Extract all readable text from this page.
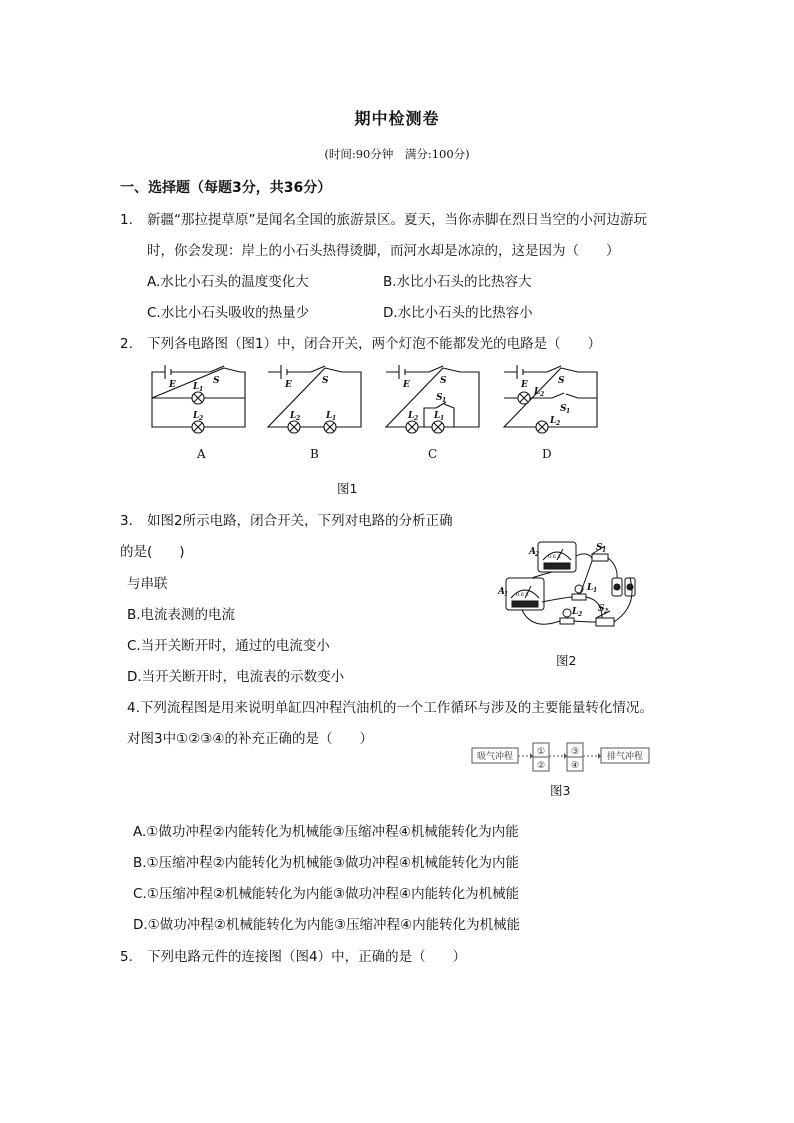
期中检测卷
(时间:90分钟　满分:100分)
一、选择题（每题3分，共36分）
1. 新疆“那拉提草原”是闻名全国的旅游景区。夏天，当你赤脚在烈日当空的小河边游玩
时，你会发现：岸上的小石头热得烫脚，而河水却是冰凉的，这是因为（　　）
A.水比小石头的温度变化大	B.水比小石头的比热容大
C.水比小石头吸收的热量少	D.水比小石头的比热容小
2. 下列各电路图（图1）中，闭合开关，两个灯泡不能都发光的电路是（　　）
E	S
L 1
L 2
E	S
L 2	L 1
E	S
S 1
L 2 L 1
E	S
L 2
S 1
L 2
A	B	C	D
图1
3. 如图2所示电路，闭合开关，下列对电路的分析正确
的是(　　)
与串联
B.电流表测的电流
C.当开关断开时，通过的电流变小
D.当开关断开时，电流表的示数变小
A 2
A 1
S 1
L 1
L 2
S 2
0.6 3
0.6 3
图2
4.下列流程图是用来说明单缸四冲程汽油机的一个工作循环与涉及的主要能量转化情况。
对图3中①②③④的补充正确的是（　　）
吸气冲程	①
②
③
④
排气冲程
图3
A.①做功冲程②内能转化为机械能③压缩冲程④机械能转化为内能
B.①压缩冲程②内能转化为机械能③做功冲程④机械能转化为内能
C.①压缩冲程②机械能转化为内能③做功冲程④内能转化为机械能
D.①做功冲程②机械能转化为内能③压缩冲程④内能转化为机械能
5. 下列电路元件的连接图（图4）中，正确的是（　　）
